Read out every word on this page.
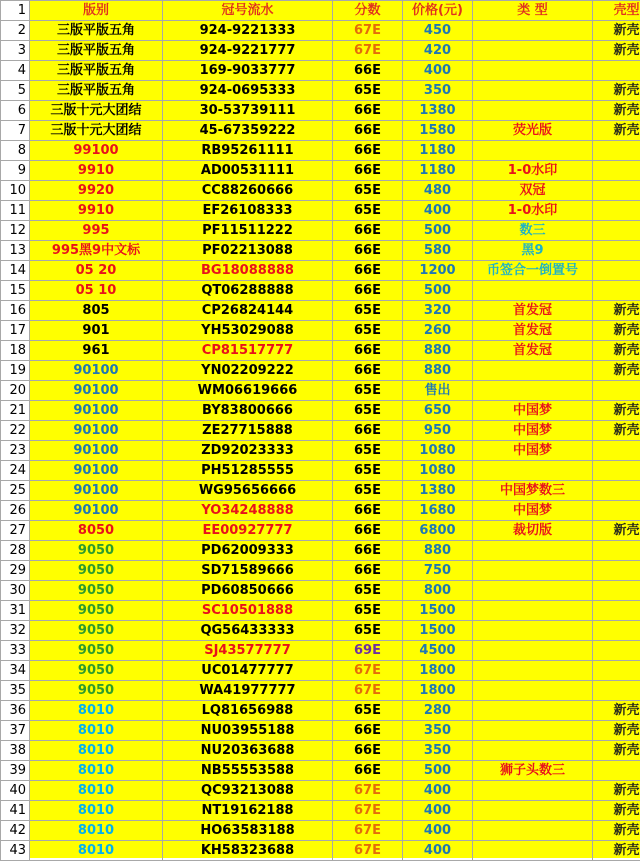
1	版别	冠号流水	分数	价格(元)	类 型	壳型
2	三版平版五角	924-9221333	67E	450		新壳
3	三版平版五角	924-9221777	67E	420		新壳
4	三版平版五角	169-9033777	66E	400		
5	三版平版五角	924-0695333	65E	350		新壳
6	三版十元大团结	30-53739111	66E	1380		新壳
7	三版十元大团结	45-67359222	66E	1580	荧光版	新壳
8	99100	RB95261111	66E	1180		
9	9910	AD00531111	66E	1180	1-0水印	
10	9920	CC88260666	65E	480	双冠	
11	9910	EF26108333	65E	400	1-0水印	
12	995	PF11511222	66E	500	数三	
13	995黑9中文标	PF02213088	66E	580	黑9	
14	05 20	BG18088888	66E	1200	币签合一倒置号	
15	05 10	QT06288888	66E	500		
16	805	CP26824144	65E	320	首发冠	新壳
17	901	YH53029088	65E	260	首发冠	新壳
18	961	CP81517777	66E	880	首发冠	新壳
19	90100	YN02209222	66E	880		新壳
20	90100	WM06619666	65E	售出		
21	90100	BY83800666	65E	650	中国梦	新壳
22	90100	ZE27715888	66E	950	中国梦	新壳
23	90100	ZD92023333	65E	1080	中国梦	
24	90100	PH51285555	65E	1080		
25	90100	WG95656666	65E	1380	中国梦数三	
26	90100	YO34248888	66E	1680	中国梦	
27	8050	EE00927777	66E	6800	裁切版	新壳
28	9050	PD62009333	66E	880		
29	9050	SD71589666	66E	750		
30	9050	PD60850666	65E	800		
31	9050	SC10501888	65E	1500		
32	9050	QG56433333	65E	1500		
33	9050	SJ43577777	69E	4500		
34	9050	UC01477777	67E	1800		
35	9050	WA41977777	67E	1800		
36	8010	LQ81656988	65E	280		新壳
37	8010	NU03955188	66E	350		新壳
38	8010	NU20363688	66E	350		新壳
39	8010	NB55553588	66E	500	狮子头数三	
40	8010	QC93213088	67E	400		新壳
41	8010	NT19162188	67E	400		新壳
42	8010	HO63583188	67E	400		新壳
43	8010	KH58323688	67E	400		新壳
